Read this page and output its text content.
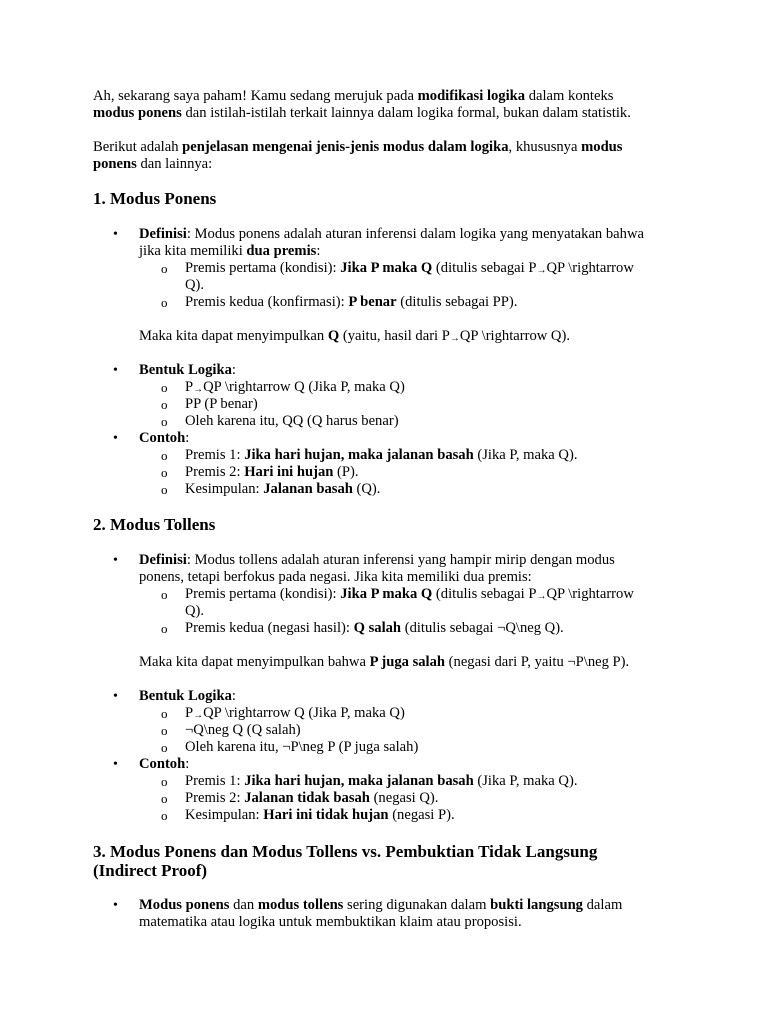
Ah, sekarang saya paham! Kamu sedang merujuk pada modifikasi logika dalam konteks
modus ponens dan istilah-istilah terkait lainnya dalam logika formal, bukan dalam statistik.
Berikut adalah penjelasan mengenai jenis-jenis modus dalam logika, khususnya modus
ponens dan lainnya:
1. Modus Ponens
• Definisi: Modus ponens adalah aturan inferensi dalam logika yang menyatakan bahwa
jika kita memiliki dua premis:
o Premis pertama (kondisi): Jika P maka Q (ditulis sebagai P→QP \rightarrow
Q).
o Premis kedua (konfirmasi): P benar (ditulis sebagai PP).
Maka kita dapat menyimpulkan Q (yaitu, hasil dari P→QP \rightarrow Q).
• Bentuk Logika:
o P→QP \rightarrow Q (Jika P, maka Q)
o PP (P benar)
o Oleh karena itu, QQ (Q harus benar)
• Contoh:
o Premis 1: Jika hari hujan, maka jalanan basah (Jika P, maka Q).
o Premis 2: Hari ini hujan (P).
o Kesimpulan: Jalanan basah (Q).
2. Modus Tollens
• Definisi: Modus tollens adalah aturan inferensi yang hampir mirip dengan modus
ponens, tetapi berfokus pada negasi. Jika kita memiliki dua premis:
o Premis pertama (kondisi): Jika P maka Q (ditulis sebagai P→QP \rightarrow
Q).
o Premis kedua (negasi hasil): Q salah (ditulis sebagai ¬Q\neg Q).
Maka kita dapat menyimpulkan bahwa P juga salah (negasi dari P, yaitu ¬P\neg P).
• Bentuk Logika:
o P→QP \rightarrow Q (Jika P, maka Q)
o ¬Q\neg Q (Q salah)
o Oleh karena itu, ¬P\neg P (P juga salah)
• Contoh:
o Premis 1: Jika hari hujan, maka jalanan basah (Jika P, maka Q).
o Premis 2: Jalanan tidak basah (negasi Q).
o Kesimpulan: Hari ini tidak hujan (negasi P).
3. Modus Ponens dan Modus Tollens vs. Pembuktian Tidak Langsung
(Indirect Proof)
• Modus ponens dan modus tollens sering digunakan dalam bukti langsung dalam
matematika atau logika untuk membuktikan klaim atau proposisi.
